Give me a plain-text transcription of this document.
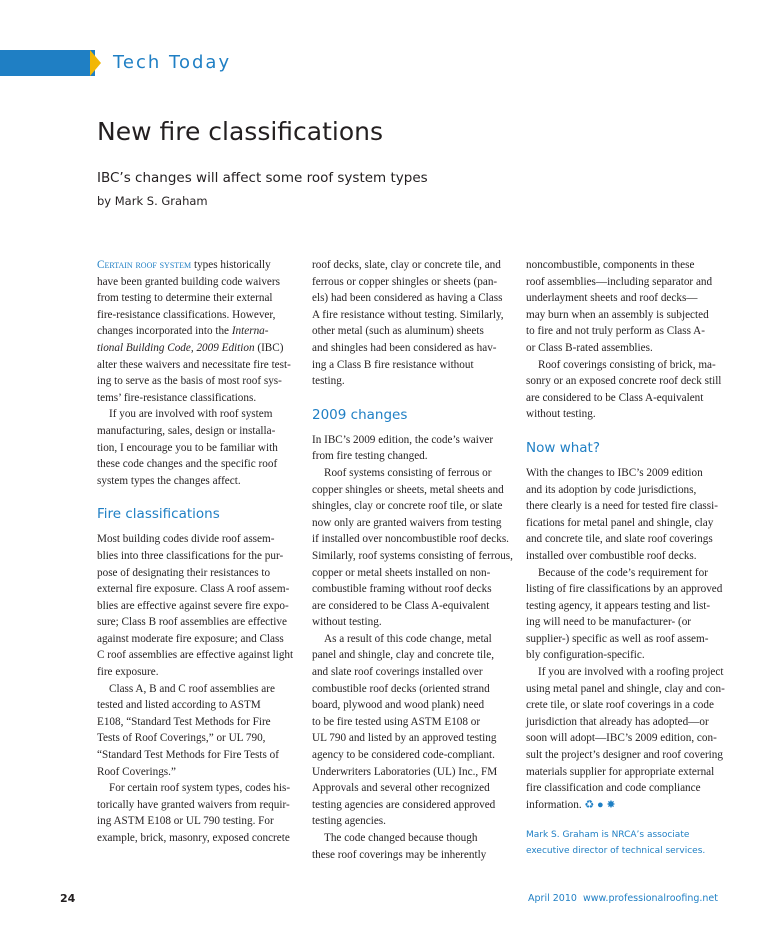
Tech Today
New fire classifications
IBC’s changes will affect some roof system types
by Mark S. Graham

Certain roof system types historically
have been granted building code waivers
from testing to determine their external
fire-resistance classifications. However,
changes incorporated into the Interna-
tional Building Code, 2009 Edition (IBC)
alter these waivers and necessitate fire test-
ing to serve as the basis of most roof sys-
tems’ fire-resistance classifications.

If you are involved with roof system
manufacturing, sales, design or installa-
tion, I encourage you to be familiar with
these code changes and the specific roof
system types the changes affect.

Fire classifications

Most building codes divide roof assem-
blies into three classifications for the pur-
pose of designating their resistances to
external fire exposure. Class A roof assem-
blies are effective against severe fire expo-
sure; Class B roof assemblies are effective
against moderate fire exposure; and Class
C roof assemblies are effective against light
fire exposure.

Class A, B and C roof assemblies are
tested and listed according to ASTM
E108, “Standard Test Methods for Fire
Tests of Roof Coverings,” or UL 790,
“Standard Test Methods for Fire Tests of
Roof Coverings.”

For certain roof system types, codes his-
torically have granted waivers from requir-
ing ASTM E108 or UL 790 testing. For
example, brick, masonry, exposed concrete

roof decks, slate, clay or concrete tile, and
ferrous or copper shingles or sheets (pan-
els) had been considered as having a Class
A fire resistance without testing. Similarly,
other metal (such as aluminum) sheets
and shingles had been considered as hav-
ing a Class B fire resistance without
testing.

2009 changes

In IBC’s 2009 edition, the code’s waiver
from fire testing changed.

Roof systems consisting of ferrous or
copper shingles or sheets, metal sheets and
shingles, clay or concrete roof tile, or slate
now only are granted waivers from testing
if installed over noncombustible roof decks.
Similarly, roof systems consisting of ferrous,
copper or metal sheets installed on non-
combustible framing without roof decks
are considered to be Class A-equivalent
without testing.

As a result of this code change, metal
panel and shingle, clay and concrete tile,
and slate roof coverings installed over
combustible roof decks (oriented strand
board, plywood and wood plank) need
to be fire tested using ASTM E108 or
UL 790 and listed by an approved testing
agency to be considered code-compliant.
Underwriters Laboratories (UL) Inc., FM
Approvals and several other recognized
testing agencies are considered approved
testing agencies.

The code changed because though
these roof coverings may be inherently

noncombustible, components in these
roof assemblies—including separator and
underlayment sheets and roof decks—
may burn when an assembly is subjected
to fire and not truly perform as Class A-
or Class B-rated assemblies.

Roof coverings consisting of brick, ma-
sonry or an exposed concrete roof deck still
are considered to be Class A-equivalent
without testing.

Now what?

With the changes to IBC’s 2009 edition
and its adoption by code jurisdictions,
there clearly is a need for tested fire classi-
fications for metal panel and shingle, clay
and concrete tile, and slate roof coverings
installed over combustible roof decks.

Because of the code’s requirement for
listing of fire classifications by an approved
testing agency, it appears testing and list-
ing will need to be manufacturer- (or
supplier-) specific as well as roof assem-
bly configuration-specific.

If you are involved with a roofing project
using metal panel and shingle, clay and con-
crete tile, or slate roof coverings in a code
jurisdiction that already has adopted—or
soon will adopt—IBC’s 2009 edition, con-
sult the project’s designer and roof covering
materials supplier for appropriate external
fire classification and code compliance
information. ♻ ● ✸

Mark S. Graham is NRCA’s associate
executive director of technical services.
24	April 2010 www.professionalroofing.net
